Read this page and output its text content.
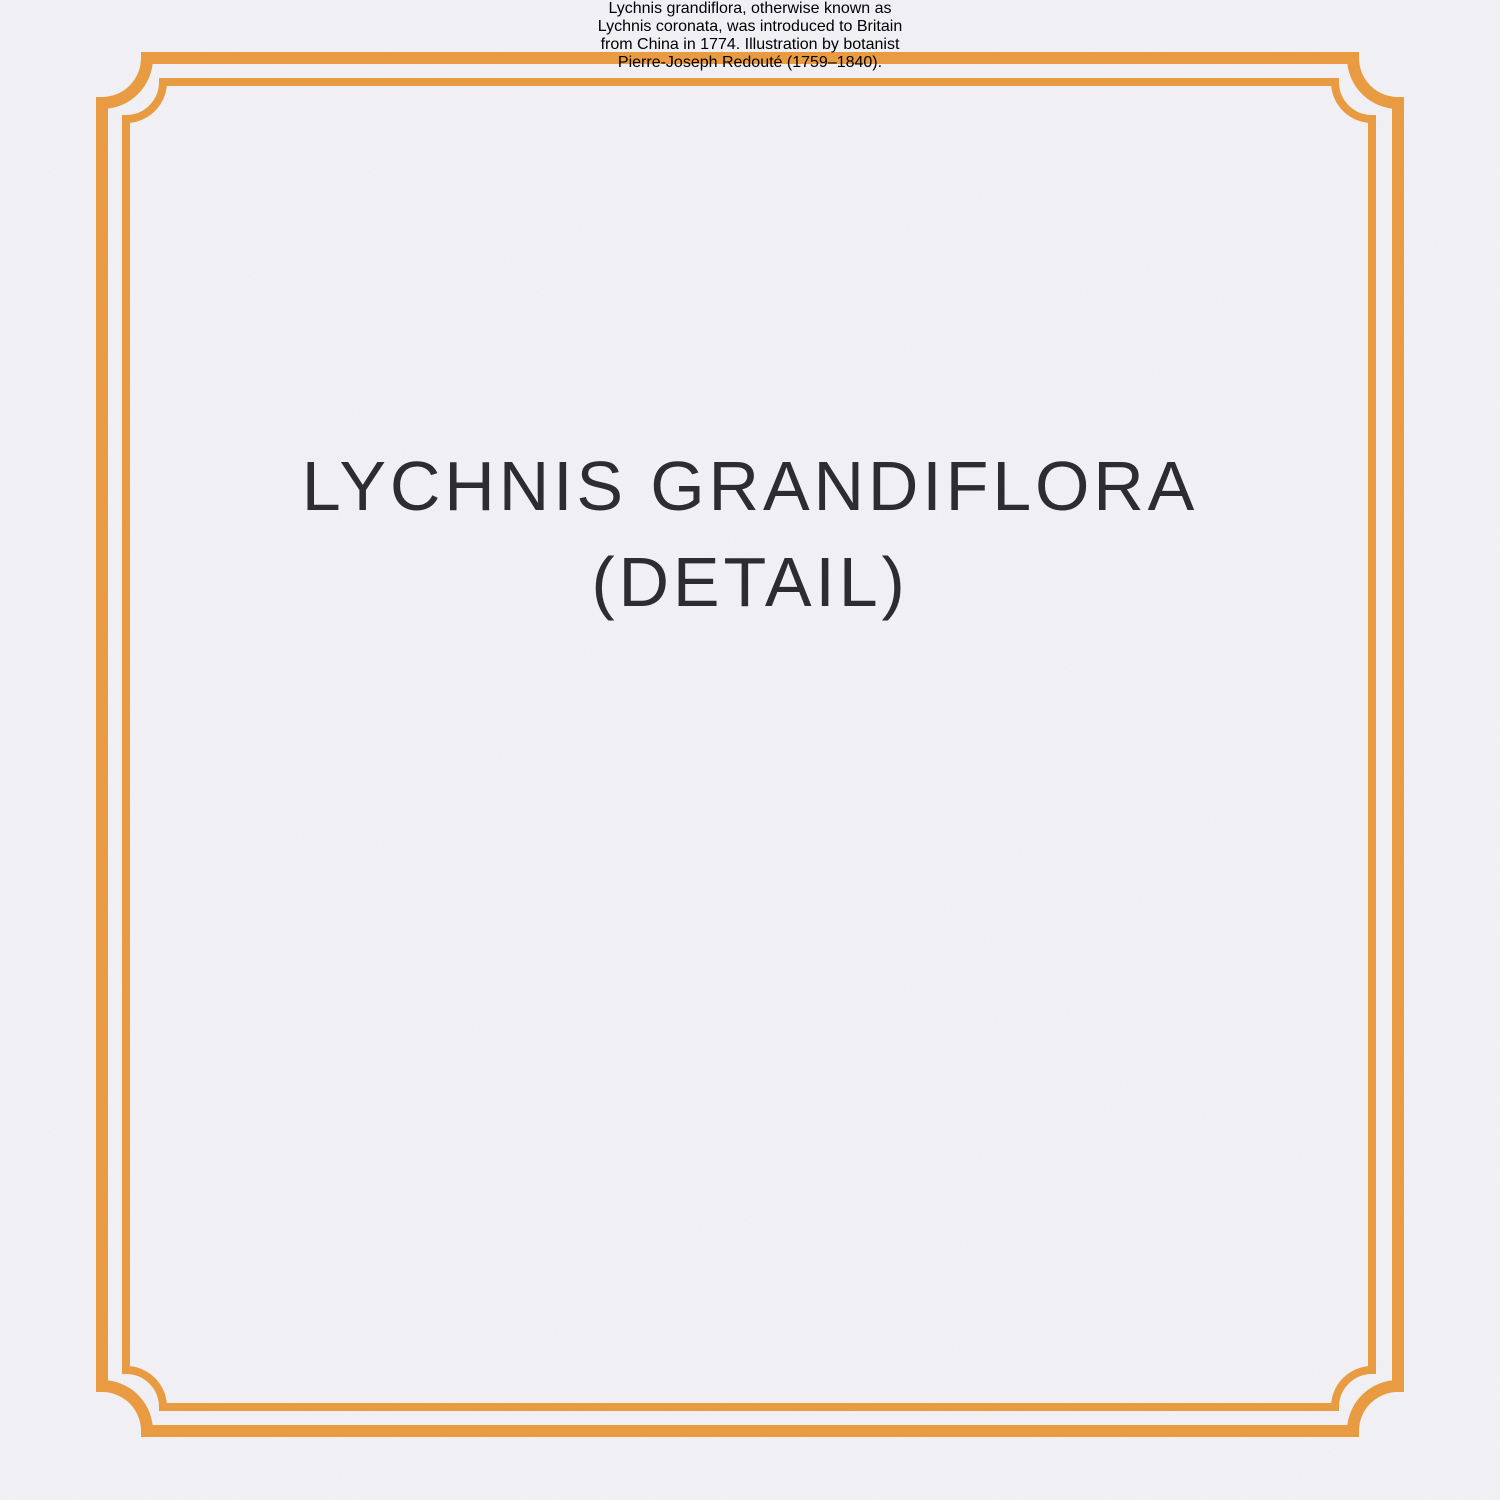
LYCHNIS GRANDIFLORA
(DETAIL)

Lychnis grandiflora, otherwise known as
Lychnis coronata, was introduced to Britain
from China in 1774. Illustration by botanist
Pierre-Joseph Redouté (1759–1840).
